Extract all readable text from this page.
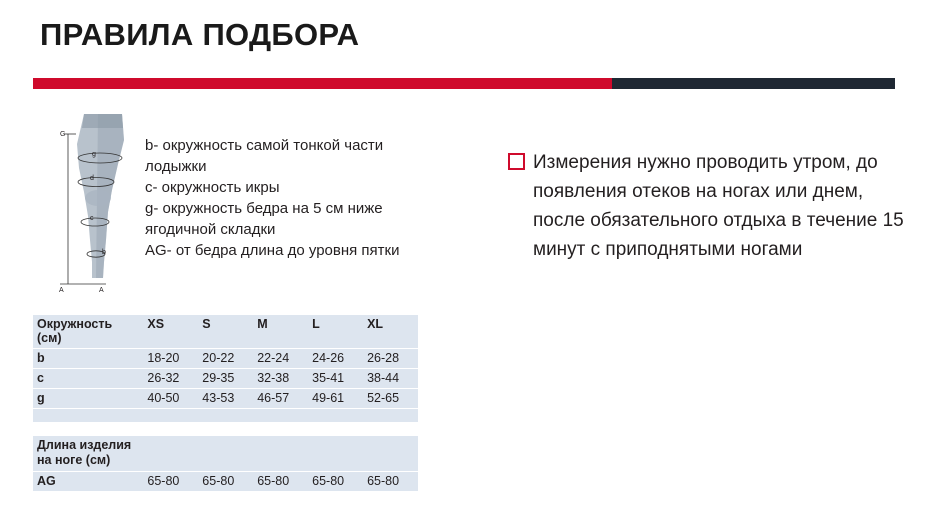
ПРАВИЛА ПОДБОРА
G
g
d
c
b
A	A
b- окружность самой тонкой части лодыжки
c- окружность икры
g- окружность бедра на 5 см ниже ягодичной складки
AG- от бедра длина до уровня пятки
Измерения нужно проводить утром, до появления отеков на ногах или днем, после обязательного отдыха в течение 15 минут с приподнятыми ногами
Окружность (см)	XS	S	M	L	XL
b	18-20	20-22	22-24	24-26	26-28
c	26-32	29-35	32-38	35-41	38-44
g	40-50	43-53	46-57	49-61	52-65

Длина изделия
на ноге (см)					
AG	65-80	65-80	65-80	65-80	65-80
